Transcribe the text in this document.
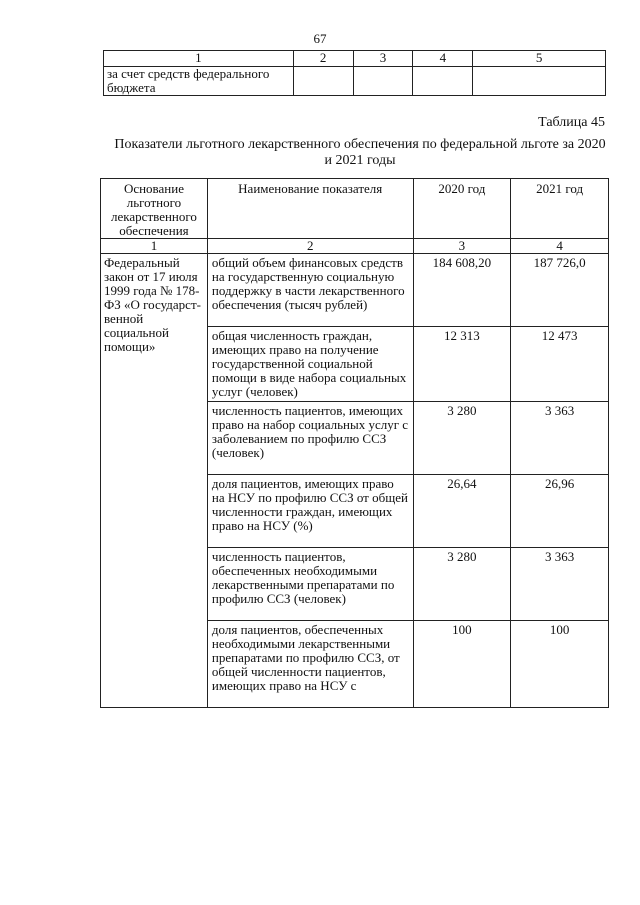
67
1	2	3	4	5
за счет средств федерального бюджета				
Таблица 45
Показатели льготного лекарственного обеспечения по федеральной льготе за 2020 и 2021 годы
Основание льготного лекарственного обеспечения	Наименование показателя	2020 год	2021 год
1	2	3	4
Федеральный закон от 17 июля 1999 года № 178-ФЗ «О государст-венной социальной помощи»	общий объем финансовых средств на государственную социальную поддержку в части лекарственного обеспечения (тысяч рублей)	184 608,20	187 726,0
	общая численность граждан, имеющих право на получение государственной социальной помощи в виде набора социальных услуг (человек)	12 313	12 473
	численность пациентов, имеющих право на набор социальных услуг с заболеванием по профилю ССЗ (человек)	3 280	3 363
	доля пациентов, имеющих право на НСУ по профилю ССЗ от общей численности граждан, имеющих право на НСУ (%)	26,64	26,96
	численность пациентов, обеспеченных необходимыми лекарственными препаратами по профилю ССЗ (человек)	3 280	3 363
	доля пациентов, обеспеченных необходимыми лекарственными препаратами по профилю ССЗ, от общей численности пациентов, имеющих право на НСУ с	100	100
